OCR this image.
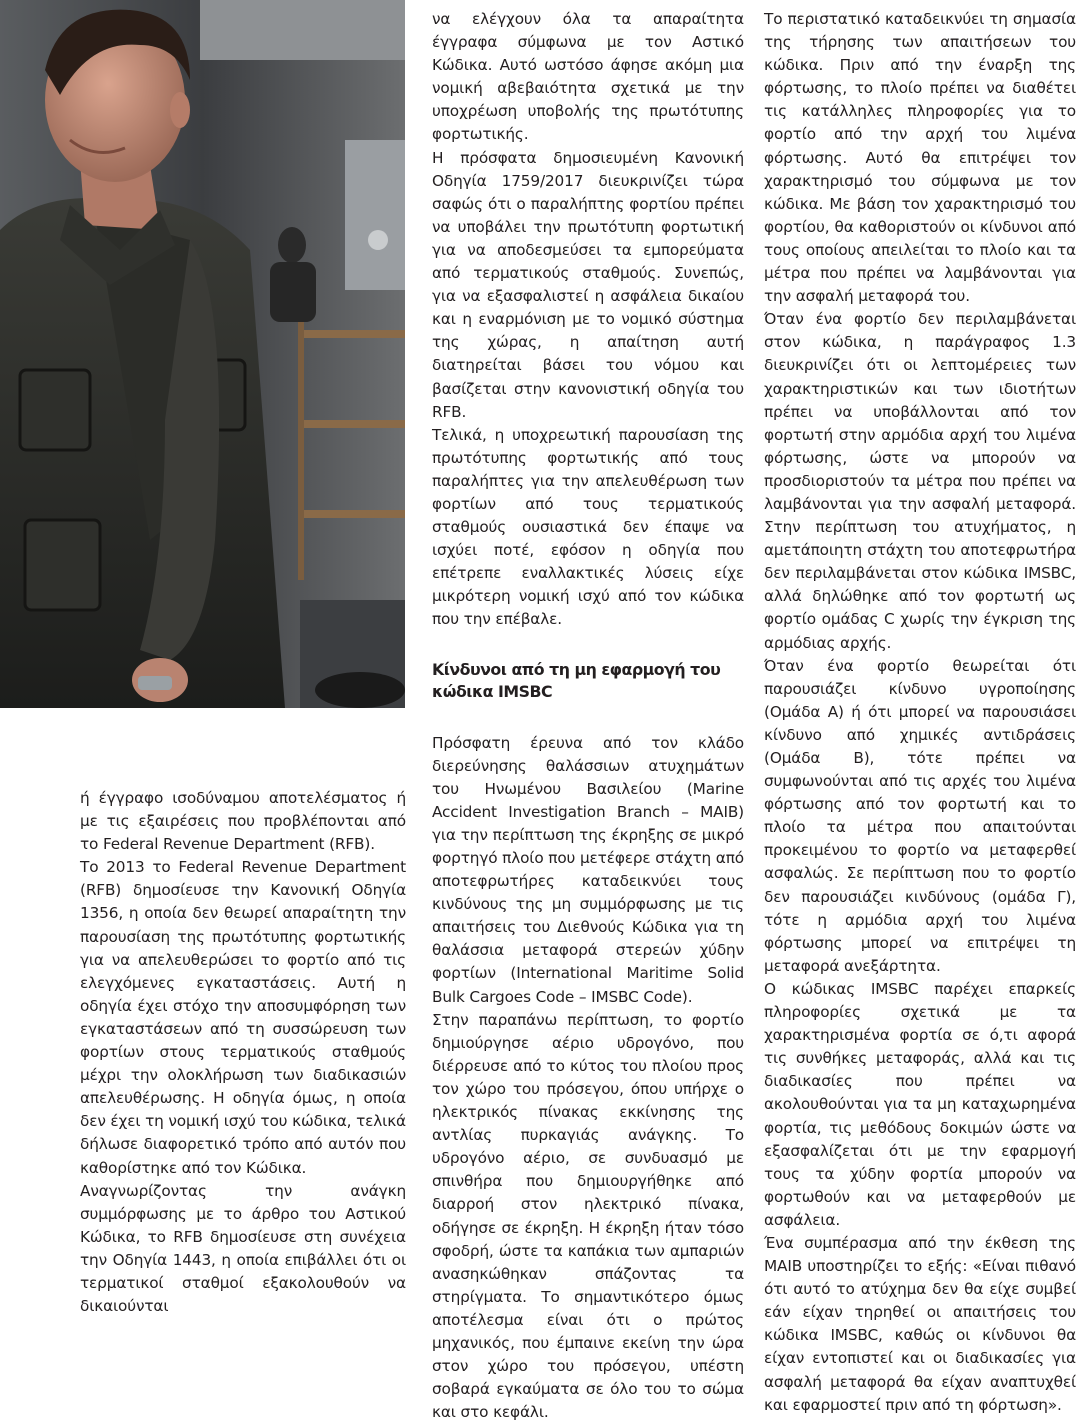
ή έγγραφο ισοδύναμου αποτελέσματος ή με τις εξαιρέσεις που προβλέπονται από το Federal Revenue Department (RFB).

Το 2013 το Federal Revenue Department (RFB) δημοσίευσε την Κανονική Οδηγία 1356, η οποία δεν θεωρεί απαραίτητη την παρουσίαση της πρωτότυπης φορτωτικής για να απελευθερώσει το φορτίο από τις ελεγχόμενες εγκαταστάσεις. Αυτή η οδηγία έχει στόχο την αποσυμφόρηση των εγκαταστάσεων από τη συσσώρευση των φορτίων στους τερματικούς σταθμούς μέχρι την ολοκλήρωση των διαδικασιών απελευθέρωσης. Η οδηγία όμως, η οποία δεν έχει τη νομική ισχύ του κώδικα, τελικά δήλωσε διαφορετικό τρόπο από αυτόν που καθορίστηκε από τον Κώδικα.

Αναγνωρίζοντας την ανάγκη συμμόρφωσης με το άρθρο του Αστικού Κώδικα, το RFB δημοσίευσε στη συνέχεια την Οδηγία 1443, η οποία επιβάλλει ότι οι τερματικοί σταθμοί εξακολουθούν να δικαιούνται

να ελέγχουν όλα τα απαραίτητα έγγραφα σύμφωνα με τον Αστικό Κώδικα. Αυτό ωστόσο άφησε ακόμη μια νομική αβεβαιότητα σχετικά με την υποχρέωση υποβολής της πρωτότυπης φορτωτικής.

Η πρόσφατα δημοσιευμένη Κανονική Οδηγία 1759/2017 διευκρινίζει τώρα σαφώς ότι ο παραλήπτης φορτίου πρέπει να υποβάλει την πρωτότυπη φορτωτική για να αποδεσμεύσει τα εμπορεύματα από τερματικούς σταθμούς. Συνεπώς, για να εξασφαλιστεί η ασφάλεια δικαίου και η εναρμόνιση με το νομικό σύστημα της χώρας, η απαίτηση αυτή διατηρείται βάσει του νόμου και βασίζεται στην κανονιστική οδηγία του RFB.

Τελικά, η υποχρεωτική παρουσίαση της πρωτότυπης φορτωτικής από τους παραλήπτες για την απελευθέρωση των φορτίων από τους τερματικούς σταθμούς ουσιαστικά δεν έπαψε να ισχύει ποτέ, εφόσον η οδηγία που επέτρεπε εναλλακτικές λύσεις είχε μικρότερη νομική ισχύ από τον κώδικα που την επέβαλε.

Κίνδυνοι από τη μη εφαρμογή του κώδικα IMSBC

Πρόσφατη έρευνα από τον κλάδο διερεύνησης θαλάσσιων ατυχημάτων του Ηνωμένου Βασιλείου (Marine Accident Investigation Branch – MAIB) για την περίπτωση της έκρηξης σε μικρό φορτηγό πλοίο που μετέφερε στάχτη από αποτεφρωτήρες καταδεικνύει τους κινδύνους της μη συμμόρφωσης με τις απαιτήσεις του Διεθνούς Κώδικα για τη θαλάσσια μεταφορά στερεών χύδην φορτίων (International Maritime Solid Bulk Cargoes Code – IMSBC Code).

Στην παραπάνω περίπτωση, το φορτίο δημιούργησε αέριο υδρογόνο, που διέρρευσε από το κύτος του πλοίου προς τον χώρο του πρόσεγου, όπου υπήρχε ο ηλεκτρικός πίνακας εκκίνησης της αντλίας πυρκαγιάς ανάγκης. Το υδρογόνο αέριο, σε συνδυασμό με σπινθήρα που δημιουργήθηκε από διαρροή στον ηλεκτρικό πίνακα, οδήγησε σε έκρηξη. Η έκρηξη ήταν τόσο σφοδρή, ώστε τα καπάκια των αμπαριών ανασηκώθηκαν σπάζοντας τα στηρίγματα. Το σημαντικότερο όμως αποτέλεσμα είναι ότι ο πρώτος μηχανικός, που έμπαινε εκείνη την ώρα στον χώρο του πρόσεγου, υπέστη σοβαρά εγκαύματα σε όλο του το σώμα και στο κεφάλι.

Το περιστατικό καταδεικνύει τη σημασία της τήρησης των απαιτήσεων του κώδικα. Πριν από την έναρξη της φόρτωσης, το πλοίο πρέπει να διαθέτει τις κατάλληλες πληροφορίες για το φορτίο από την αρχή του λιμένα φόρτωσης. Αυτό θα επιτρέψει τον χαρακτηρισμό του σύμφωνα με τον κώδικα. Με βάση τον χαρακτηρισμό του φορτίου, θα καθοριστούν οι κίνδυνοι από τους οποίους απειλείται το πλοίο και τα μέτρα που πρέπει να λαμβάνονται για την ασφαλή μεταφορά του.

Όταν ένα φορτίο δεν περιλαμβάνεται στον κώδικα, η παράγραφος 1.3 διευκρινίζει ότι οι λεπτομέρειες των χαρακτηριστικών και των ιδιοτήτων πρέπει να υποβάλλονται από τον φορτωτή στην αρμόδια αρχή του λιμένα φόρτωσης, ώστε να μπορούν να προσδιοριστούν τα μέτρα που πρέπει να λαμβάνονται για την ασφαλή μεταφορά. Στην περίπτωση του ατυχήματος, η αμετάποιητη στάχτη του αποτεφρωτήρα δεν περιλαμβάνεται στον κώδικα IMSBC, αλλά δηλώθηκε από τον φορτωτή ως φορτίο ομάδας C χωρίς την έγκριση της αρμόδιας αρχής.

Όταν ένα φορτίο θεωρείται ότι παρουσιάζει κίνδυνο υγροποίησης (Ομάδα Α) ή ότι μπορεί να παρουσιάσει κίνδυνο από χημικές αντιδράσεις (Ομάδα Β), τότε πρέπει να συμφωνούνται από τις αρχές του λιμένα φόρτωσης από τον φορτωτή και το πλοίο τα μέτρα που απαιτούνται προκειμένου το φορτίο να μεταφερθεί ασφαλώς. Σε περίπτωση που το φορτίο δεν παρουσιάζει κινδύνους (ομάδα Γ), τότε η αρμόδια αρχή του λιμένα φόρτωσης μπορεί να επιτρέψει τη μεταφορά ανεξάρτητα.

Ο κώδικας IMSBC παρέχει επαρκείς πληροφορίες σχετικά με τα χαρακτηρισμένα φορτία σε ό,τι αφορά τις συνθήκες μεταφοράς, αλλά και τις διαδικασίες που πρέπει να ακολουθούνται για τα μη καταχωρημένα φορτία, τις μεθόδους δοκιμών ώστε να εξασφαλίζεται ότι με την εφαρμογή τους τα χύδην φορτία μπορούν να φορτωθούν και να μεταφερθούν με ασφάλεια.

Ένα συμπέρασμα από την έκθεση της MAIB υποστηρίζει το εξής: «Είναι πιθανό ότι αυτό το ατύχημα δεν θα είχε συμβεί εάν είχαν τηρηθεί οι απαιτήσεις του κώδικα IMSBC, καθώς οι κίνδυνοι θα είχαν εντοπιστεί και οι διαδικασίες για ασφαλή μεταφορά θα είχαν αναπτυχθεί και εφαρμοστεί πριν από τη φόρτωση».
